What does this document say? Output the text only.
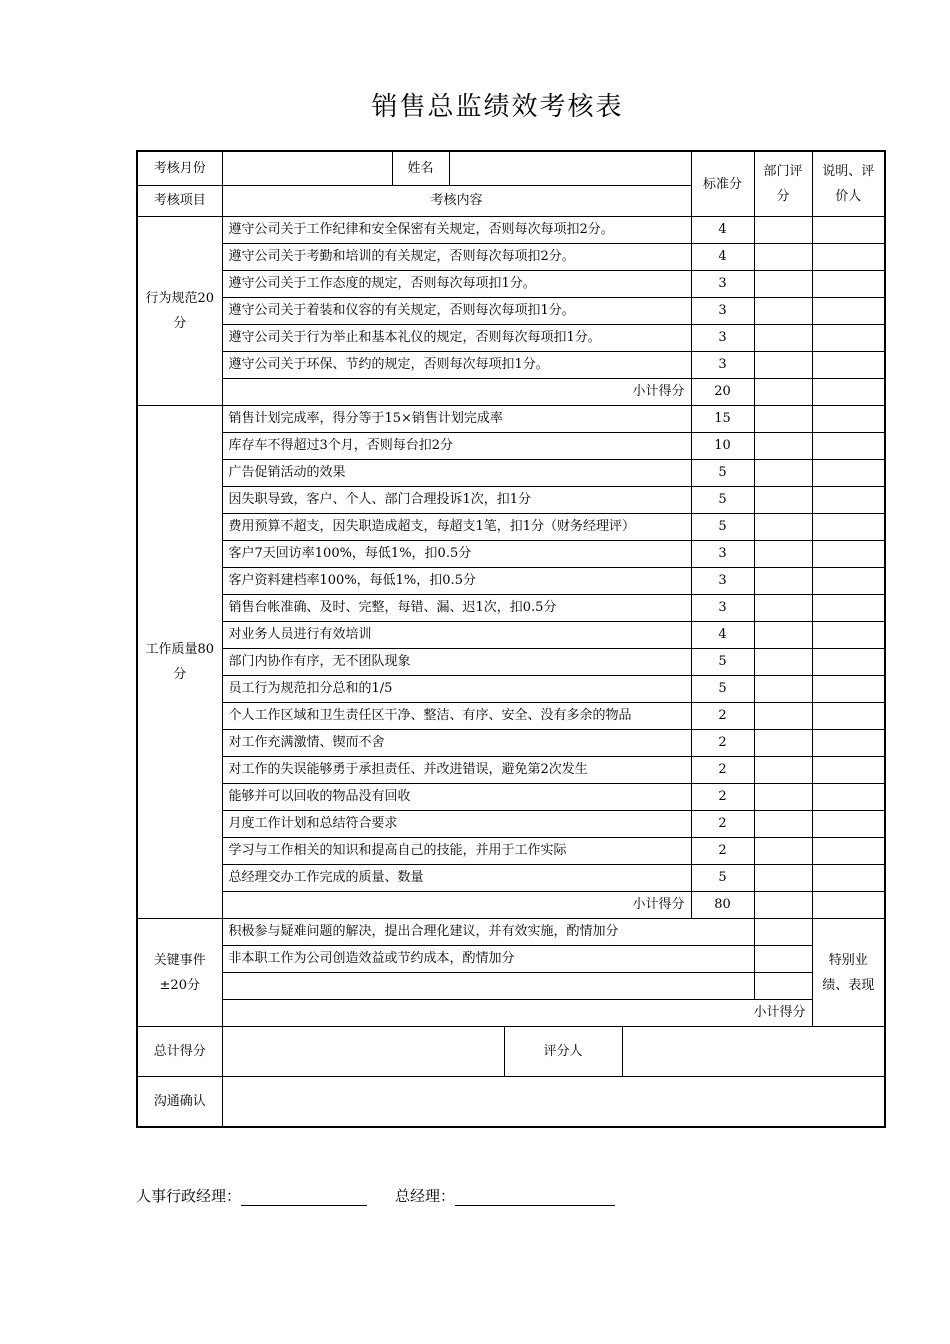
销售总监绩效考核表
考核月份		姓名				标准分	部门评分	说明、评价人
考核项目	考核内容							
行为规范20分	遵守公司关于工作纪律和安全保密有关规定，否则每次每项扣2分。					4		
	遵守公司关于考勤和培训的有关规定，否则每次每项扣2分。					4		
	遵守公司关于工作态度的规定，否则每次每项扣1分。					3		
	遵守公司关于着装和仪容的有关规定，否则每次每项扣1分。					3		
	遵守公司关于行为举止和基本礼仪的规定，否则每次每项扣1分。					3		
	遵守公司关于环保、节约的规定，否则每次每项扣1分。					3		
	小计得分					20		
工作质量80分	销售计划完成率，得分等于15×销售计划完成率					15		
	库存车不得超过3个月，否则每台扣2分					10		
	广告促销活动的效果					5		
	因失职导致，客户、个人、部门合理投诉1次，扣1分					5		
	费用预算不超支，因失职造成超支，每超支1笔，扣1分（财务经理评）					5		
	客户7天回访率100%，每低1%，扣0.5分					3		
	客户资料建档率100%，每低1%，扣0.5分					3		
	销售台帐准确、及时、完整，每错、漏、迟1次，扣0.5分					3		
	对业务人员进行有效培训					4		
	部门内协作有序，无不团队现象					5		
	员工行为规范扣分总和的1/5					5		
	个人工作区域和卫生责任区干净、整洁、有序、安全、没有多余的物品					2		
	对工作充满激情、锲而不舍					2		
	对工作的失误能够勇于承担责任、并改进错误，避免第2次发生					2		
	能够并可以回收的物品没有回收					2		
	月度工作计划和总结符合要求					2		
	学习与工作相关的知识和提高自己的技能，并用于工作实际					2		
	总经理交办工作完成的质量、数量					5		
	小计得分					80		
关键事件±20分	积极参与疑难问题的解决，提出合理化建议，并有效实施，酌情加分							特别业绩、表现
	非本职工作为公司创造效益或节约成本，酌情加分							

	小计得分							
总计得分				评分人				
沟通确认								
人事行政经理：	总经理：
